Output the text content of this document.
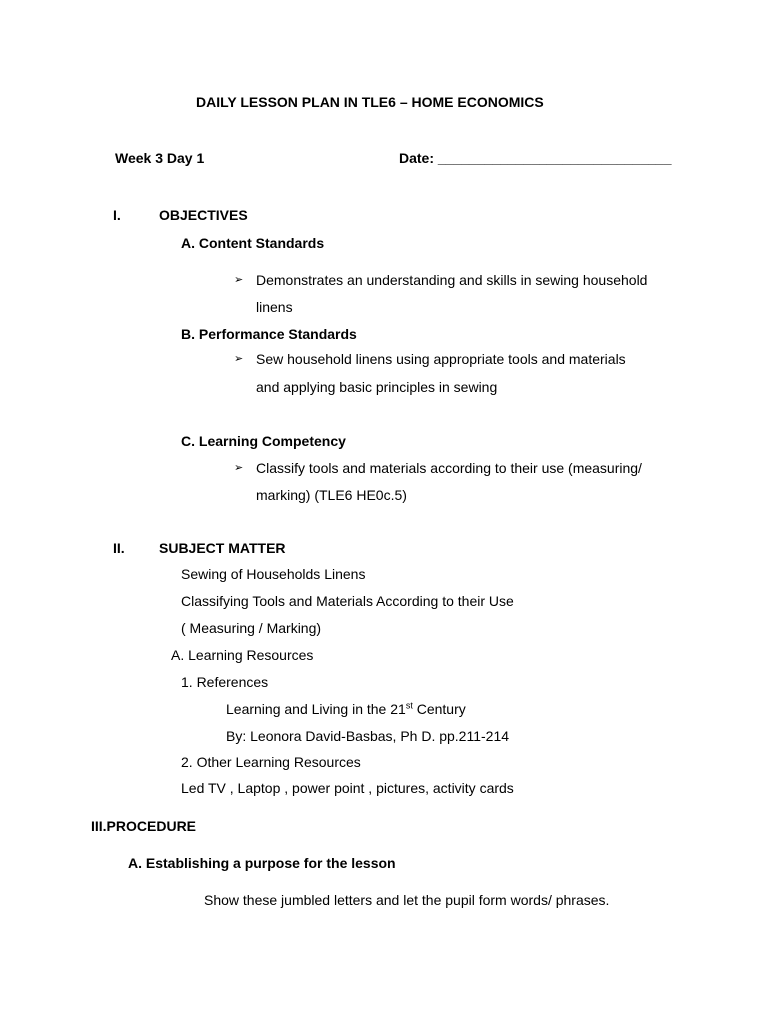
DAILY LESSON PLAN IN TLE6 – HOME ECONOMICS
Week 3 Day 1	Date: ______________________________
I.	OBJECTIVES
A. Content Standards
➢ Demonstrates an understanding and skills in sewing household
linens
B. Performance Standards
➢ Sew household linens using appropriate tools and materials
and applying basic principles in sewing
C. Learning Competency
➢ Classify tools and materials according to their use (measuring/
marking) (TLE6 HE0c.5)
II. SUBJECT MATTER
Sewing of Households Linens
Classifying Tools and Materials According to their Use
( Measuring / Marking)
A. Learning Resources
1. References
Learning and Living in the 21st Century
By: Leonora David-Basbas, Ph D. pp.211-214
2. Other Learning Resources
Led TV , Laptop , power point , pictures, activity cards
III.PROCEDURE
A. Establishing a purpose for the lesson
Show these jumbled letters and let the pupil form words/ phrases.
